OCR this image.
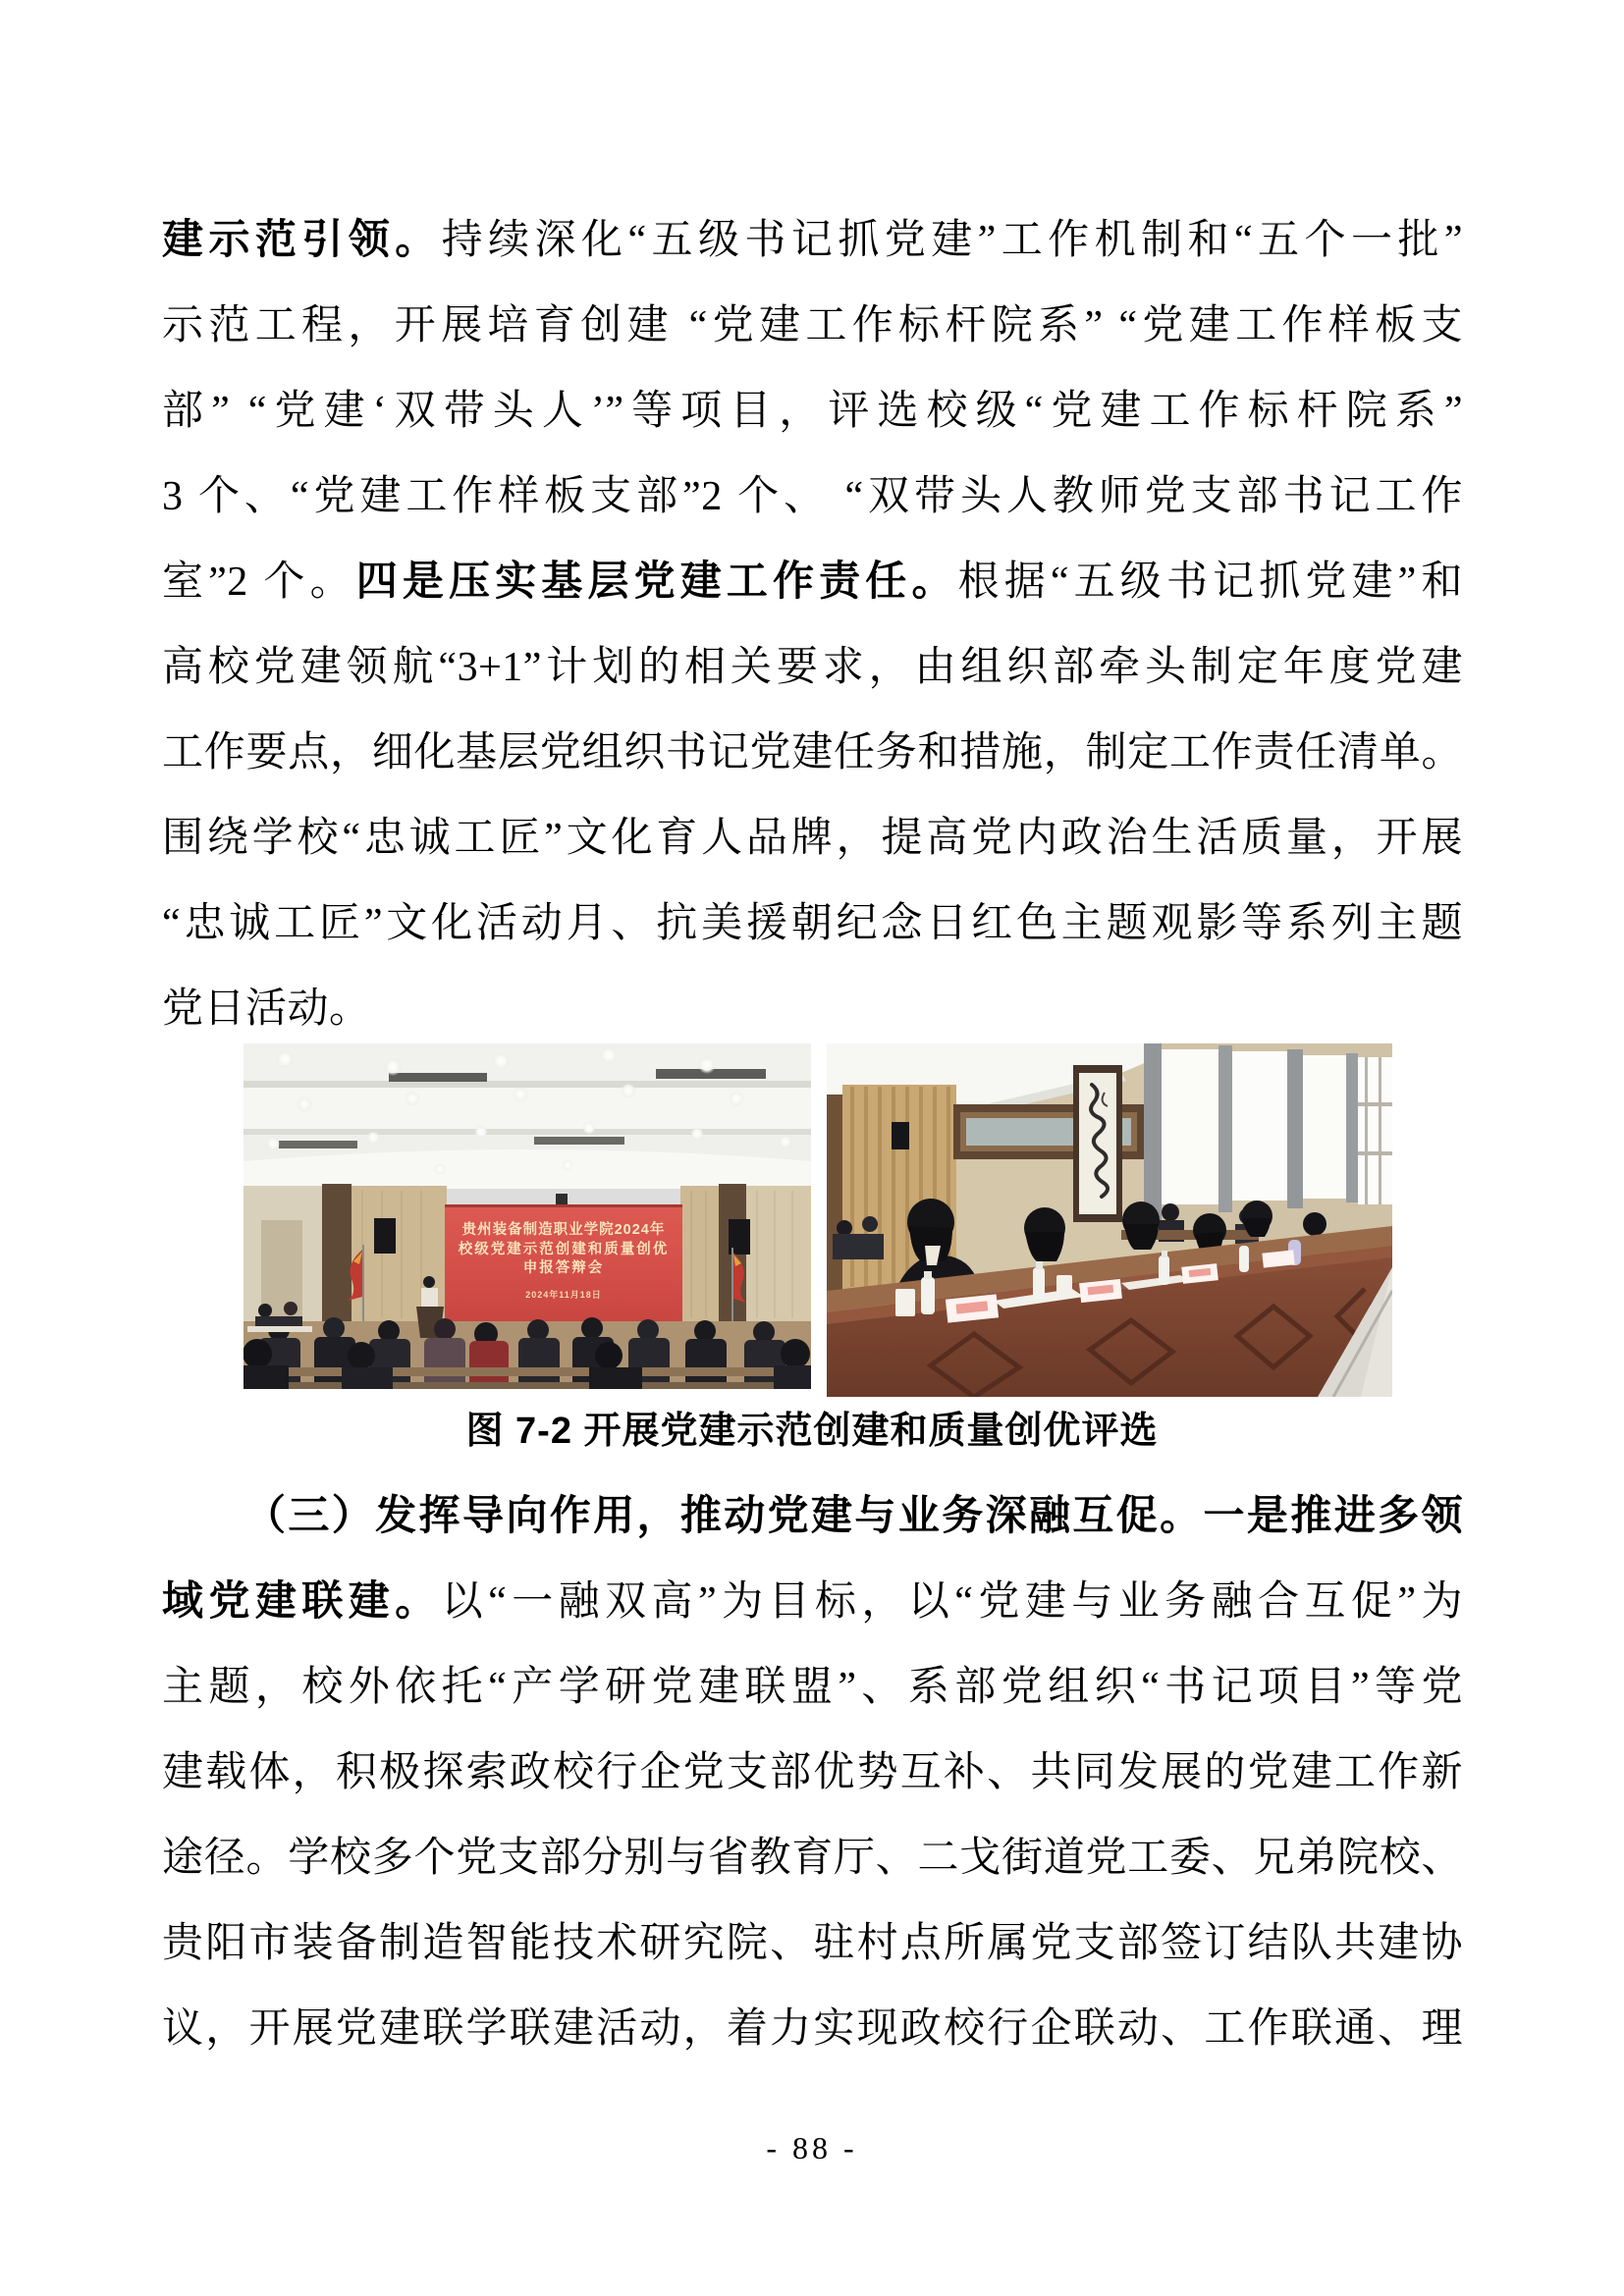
建示范引领。持续深化“五级书记抓党建”工作机制和“五个一批”
示范工程，开展培育创建 “党建工作标杆院系” “党建工作样板支
部” “党建‘双带头人’”等项目，评选校级“党建工作标杆院系”
3 个、“党建工作样板支部”2 个、 “双带头人教师党支部书记工作
室”2 个。四是压实基层党建工作责任。根据“五级书记抓党建”和
高校党建领航“3+1”计划的相关要求，由组织部牵头制定年度党建
工作要点，细化基层党组织书记党建任务和措施，制定工作责任清单。
围绕学校“忠诚工匠”文化育人品牌，提高党内政治生活质量，开展
“忠诚工匠”文化活动月、抗美援朝纪念日红色主题观影等系列主题
党日活动。
贵州装备制造职业学院2024年
校级党建示范创建和质量创优
申报答辩会
2024年11月18日
图 7-2 开展党建示范创建和质量创优评选
（三）发挥导向作用，推动党建与业务深融互促。一是推进多领
域党建联建。以“一融双高”为目标，以“党建与业务融合互促”为
主题，校外依托“产学研党建联盟”、系部党组织“书记项目”等党
建载体，积极探索政校行企党支部优势互补、共同发展的党建工作新
途径。学校多个党支部分别与省教育厅、二戈街道党工委、兄弟院校、
贵阳市装备制造智能技术研究院、驻村点所属党支部签订结队共建协
议，开展党建联学联建活动，着力实现政校行企联动、工作联通、理
- 88 -
